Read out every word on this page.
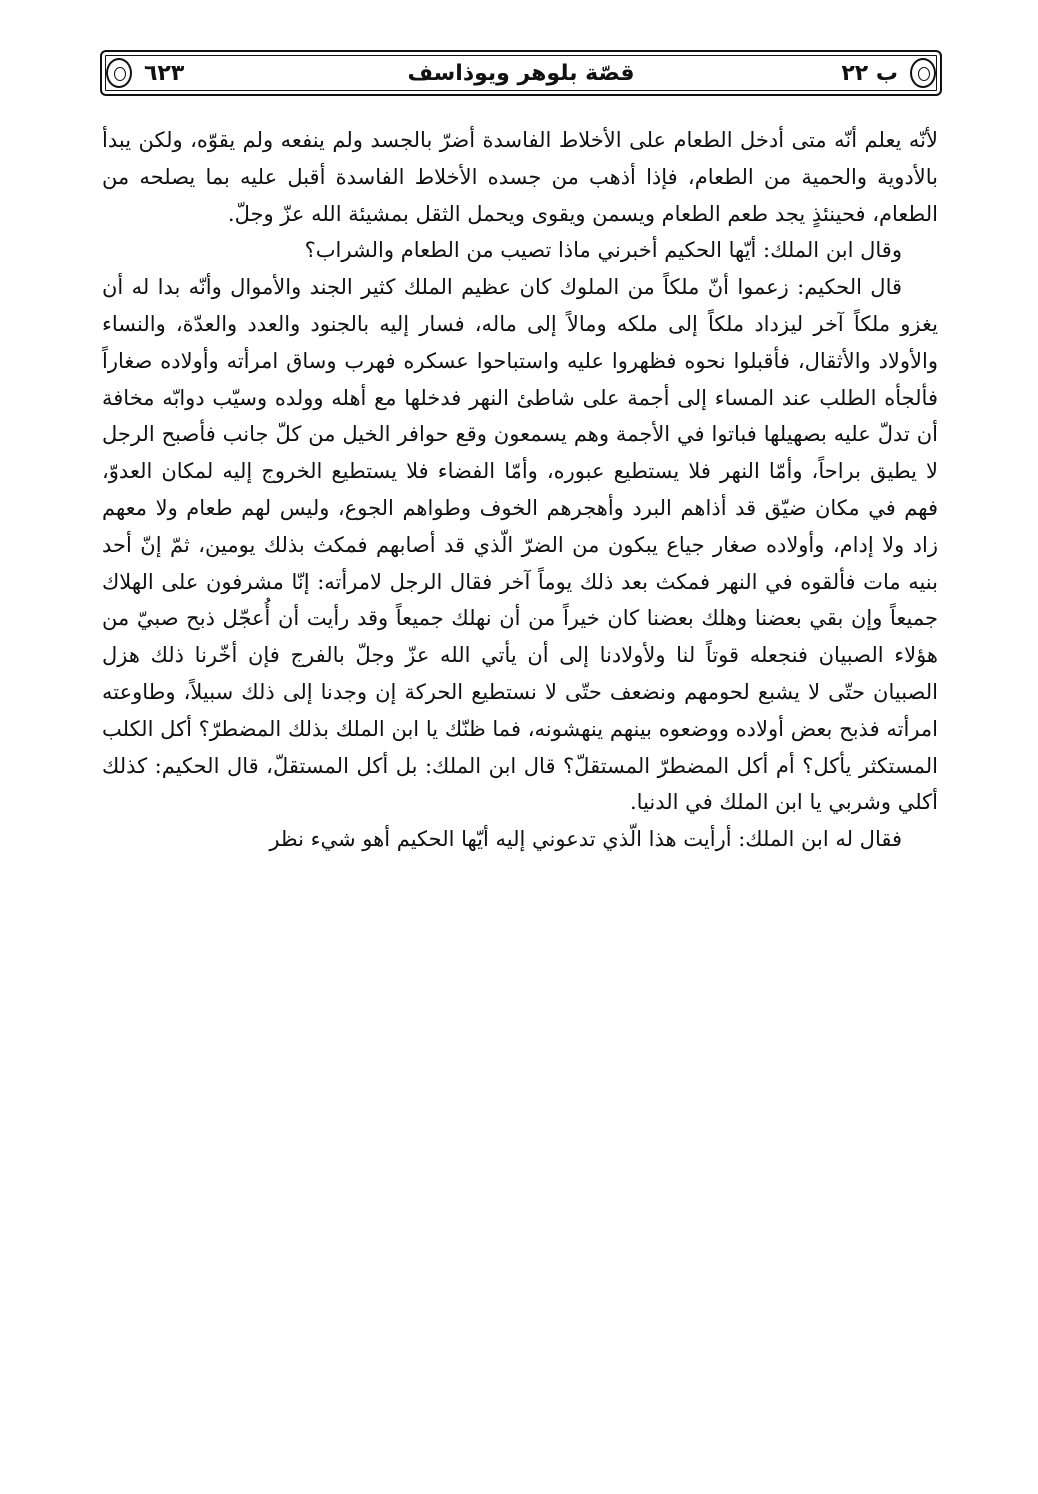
ب ٢٢
قصّة بلوهر ويوذاسف
٦٢٣

لأنّه يعلم أنّه متى أدخل الطعام على الأخلاط الفاسدة أضرّ بالجسد ولم ينفعه ولم يقوّه، ولكن يبدأ بالأدوية والحمية من الطعام، فإذا أذهب من جسده الأخلاط الفاسدة أقبل عليه بما يصلحه من الطعام، فحينئذٍ يجد طعم الطعام ويسمن ويقوى ويحمل الثقل بمشيئة الله عزّ وجلّ.

وقال ابن الملك: أيّها الحكيم أخبرني ماذا تصيب من الطعام والشراب؟

قال الحكيم: زعموا أنّ ملكاً من الملوك كان عظيم الملك كثير الجند والأموال وأنّه بدا له أن يغزو ملكاً آخر ليزداد ملكاً إلى ملكه ومالاً إلى ماله، فسار إليه بالجنود والعدد والعدّة، والنساء والأولاد والأثقال، فأقبلوا نحوه فظهروا عليه واستباحوا عسكره فهرب وساق امرأته وأولاده صغاراً فألجأه الطلب عند المساء إلى أجمة على شاطئ النهر فدخلها مع أهله وولده وسيّب دوابّه مخافة أن تدلّ عليه بصهيلها فباتوا في الأجمة وهم يسمعون وقع حوافر الخيل من كلّ جانب فأصبح الرجل لا يطيق براحاً، وأمّا النهر فلا يستطيع عبوره، وأمّا الفضاء فلا يستطيع الخروج إليه لمكان العدوّ، فهم في مكان ضيّق قد أذاهم البرد وأهجرهم الخوف وطواهم الجوع، وليس لهم طعام ولا معهم زاد ولا إدام، وأولاده صغار جياع يبكون من الضرّ الّذي قد أصابهم فمكث بذلك يومين، ثمّ إنّ أحد بنيه مات فألقوه في النهر فمكث بعد ذلك يوماً آخر فقال الرجل لامرأته: إنّا مشرفون على الهلاك جميعاً وإن بقي بعضنا وهلك بعضنا كان خيراً من أن نهلك جميعاً وقد رأيت أن أُعجّل ذبح صبيّ من هؤلاء الصبيان فنجعله قوتاً لنا ولأولادنا إلى أن يأتي الله عزّ وجلّ بالفرج فإن أخّرنا ذلك هزل الصبيان حتّى لا يشبع لحومهم ونضعف حتّى لا نستطيع الحركة إن وجدنا إلى ذلك سبيلاً، وطاوعته امرأته فذبح بعض أولاده ووضعوه بينهم ينهشونه، فما ظنّك يا ابن الملك بذلك المضطرّ؟ أكل الكلب المستكثر يأكل؟ أم أكل المضطرّ المستقلّ؟ قال ابن الملك: بل أكل المستقلّ، قال الحكيم: كذلك أكلي وشربي يا ابن الملك في الدنيا.

فقال له ابن الملك: أرأيت هذا الّذي تدعوني إليه أيّها الحكيم أهو شيء نظر
